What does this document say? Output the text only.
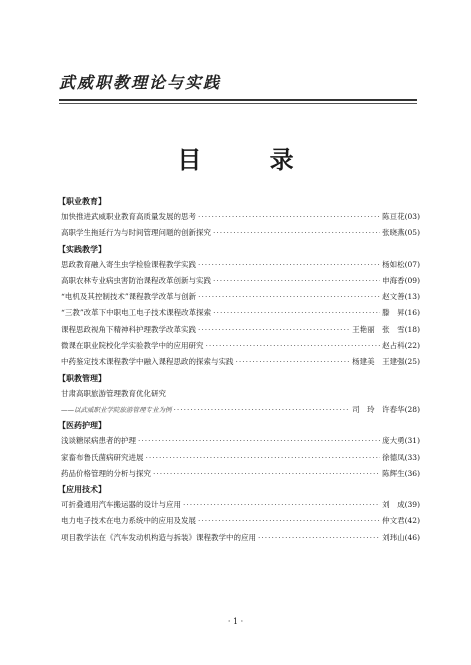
武威职教理论与实践
目 录
【职业教育】
加快推进武威职业教育高质量发展的思考 ·····	陈亘花(03)
高职学生拖延行为与时间管理问题的创新探究 ·····	张晓燕(05)
【实践教学】
思政教育融入寄生虫学检验课程教学实践 ·····	杨如松(07)
高职农林专业病虫害防治课程改革创新与实践 ·····	申海香(09)
“电机及其控制技术”课程教学改革与创新 ·····	赵文善(13)
“三教”改革下中职电工电子技术课程改革探索 ·····	滕　昇(16)
课程思政视角下精神科护理教学改革实践 ·····	王艳丽　张　雪(18)
微课在职业院校化学实验教学中的应用研究 ·····	赵占科(22)
中药鉴定技术课程教学中融入课程思政的探索与实践 ·····	杨建美　王建强(25)
【职教管理】
甘肃高职旅游管理教育优化研究
——以武威职业学院旅游管理专业为例 ·····	司　玲　许春华(28)
【医药护理】
浅谈糖尿病患者的护理 ·····	庞大勇(31)
家畜布鲁氏菌病研究进展 ·····	徐德凤(33)
药品价格管理的分析与探究 ·····	陈辉生(36)
【应用技术】
可折叠通用汽车搬运器的设计与应用 ·····	刘　成(39)
电力电子技术在电力系统中的应用及发展 ·····	仲文君(42)
项目教学法在《汽车发动机构造与拆装》课程教学中的应用 ·····	刘玮山(46)
· 1 ·
